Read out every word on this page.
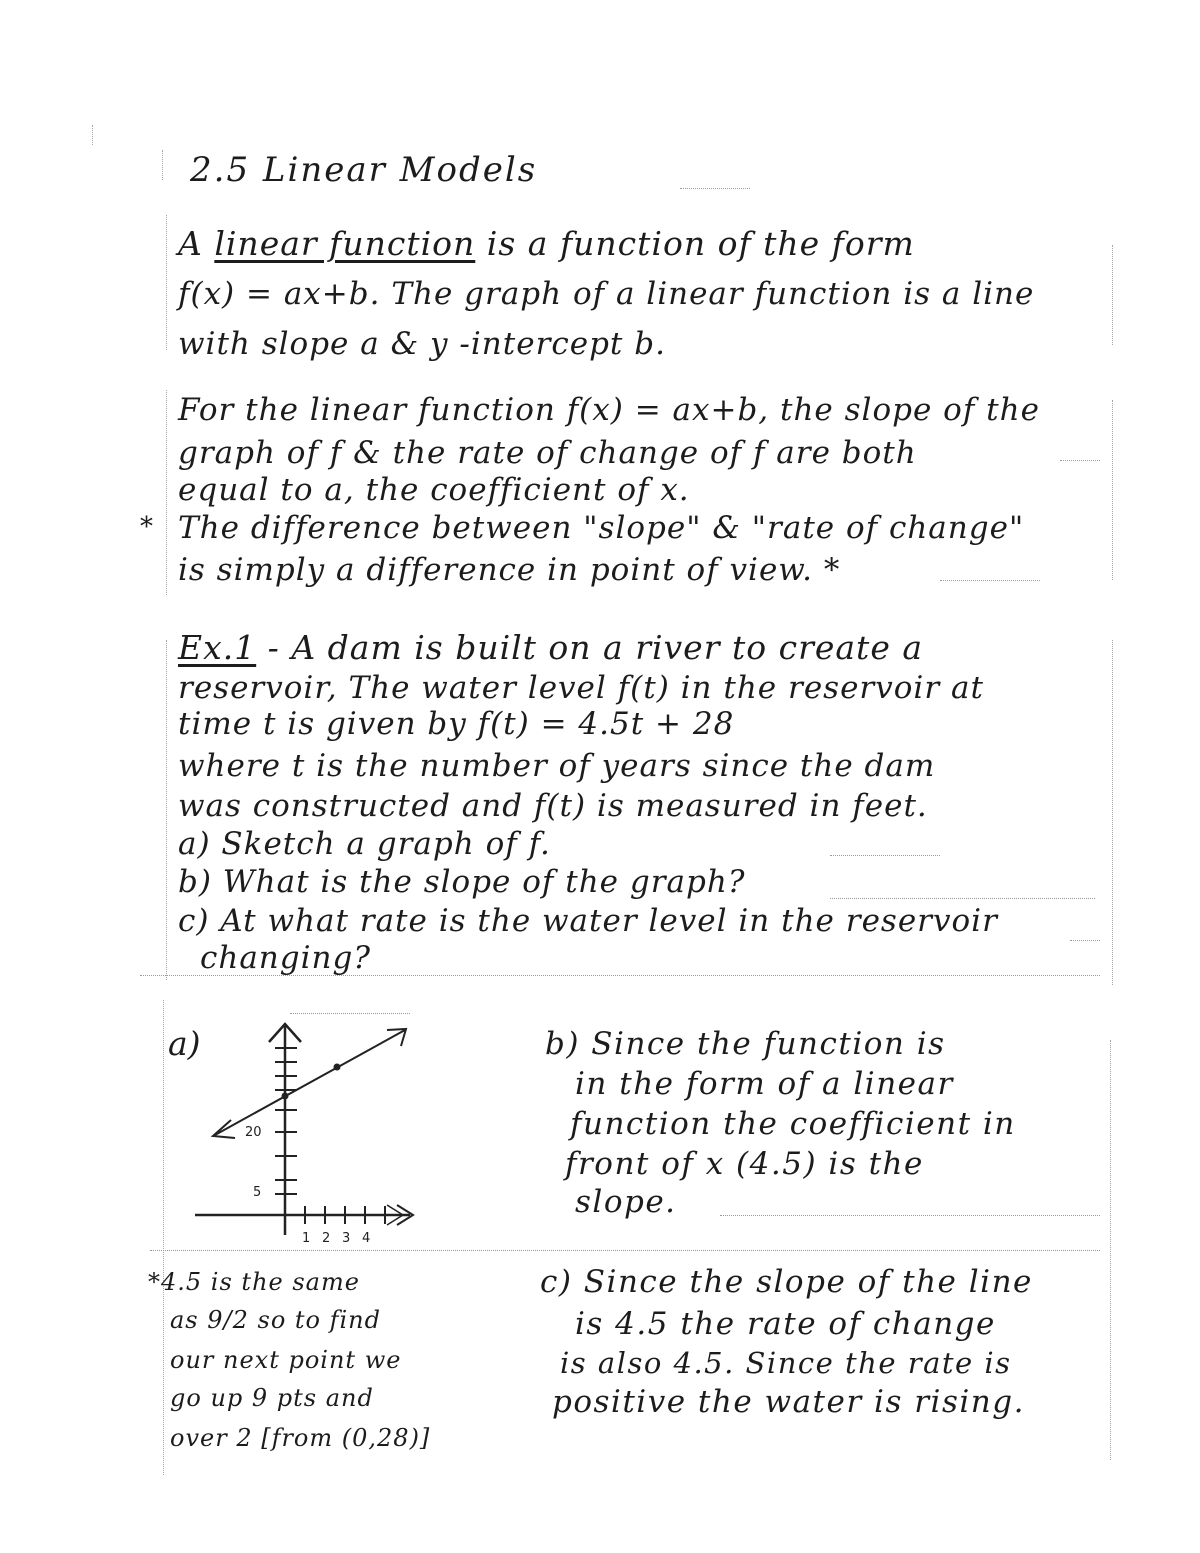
2.5 Linear Models
A linear function is a function of the form
f(x) = ax+b. The graph of a linear function is a line
with slope a & y -intercept b.
For the linear function f(x) = ax+b, the slope of the
graph of f & the rate of change of f are both
equal to a, the coefficient of x.
* The difference between "slope" & "rate of change"
is simply a difference in point of view. *
Ex.1 - A dam is built on a river to create a
reservoir, The water level f(t) in the reservoir at
time t is given by f(t) = 4.5t + 28
where t is the number of years since the dam
was constructed and f(t) is measured in feet.
a) Sketch a graph of f.
b) What is the slope of the graph?
c) At what rate is the water level in the reservoir
changing?
a)
20
5
1 2 3 4
*4.5 is the same
as 9/2 so to find
our next point we
go up 9 pts and
over 2 [from (0,28)]
b) Since the function is
in the form of a linear
function the coefficient in
front of x (4.5) is the
slope.
c) Since the slope of the line
is 4.5 the rate of change
is also 4.5. Since the rate is
positive the water is rising.
